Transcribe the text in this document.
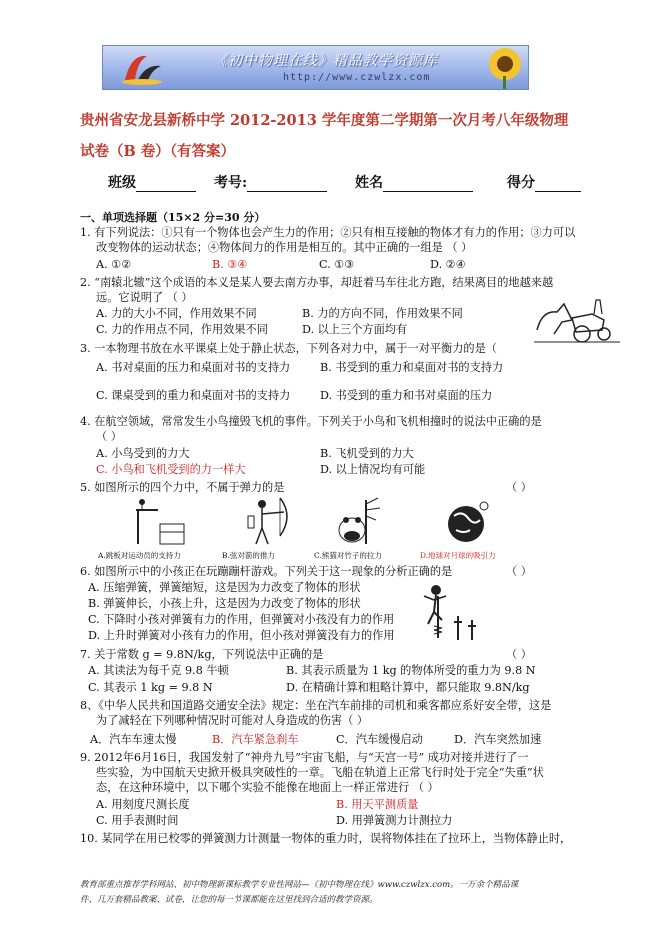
《初中物理在线》精品教学资源库
http://www.czwlzx.com
贵州省安龙县新桥中学 2012-2013 学年度第二学期第一次月考八年级物理
试卷（B 卷）（有答案）
班级	考号:	姓名	得分
一、单项选择题（15×2 分=30 分）
1. 有下列说法：①只有一个物体也会产生力的作用；②只有相互接触的物体才有力的作用；③力可以
改变物体的运动状态；④物体间力的作用是相互的。其中正确的一组是 （ ）
A. ①②	B. ③④	C. ①③	D. ②④
2. “南辕北辙”这个成语的本义是某人要去南方办事，却赶着马车往北方跑，结果离目的地越来越
远。它说明了 （ ）
A. 力的大小不同，作用效果不同	B. 力的方向不同，作用效果不同
C. 力的作用点不同，作用效果不同	D. 以上三个方面均有
3. 一本物理书放在水平课桌上处于静止状态，下列各对力中，属于一对平衡力的是（
A. 书对桌面的压力和桌面对书的支持力	B. 书受到的重力和桌面对书的支持力
C. 课桌受到的重力和桌面对书的支持力	D. 书受到的重力和书对桌面的压力
4. 在航空领域，常常发生小鸟撞毁飞机的事件。下列关于小鸟和飞机相撞时的说法中正确的是
（ ）
A. 小鸟受到的力大	B. 飞机受到的力大
C. 小鸟和飞机受到的力一样大	D. 以上情况均有可能
5. 如图所示的四个力中，不属于弹力的是	（ ）
A.跳板对运动员的支持力	B.弦对箭的推力	C.熊猫对竹子的拉力	D.地球对月球的吸引力
6. 如图所示中的小孩正在玩蹦蹦杆游戏。下列关于这一现象的分析正确的是	（ ）
A. 压缩弹簧，弹簧缩短，这是因为力改变了物体的形状
B. 弹簧伸长，小孩上升，这是因为力改变了物体的形状
C. 下降时小孩对弹簧有力的作用，但弹簧对小孩没有力的作用
D. 上升时弹簧对小孩有力的作用，但小孩对弹簧没有力的作用
7. 关于常数 g = 9.8N/kg，下列说法中正确的是	（ ）
A. 其读法为每千克 9.8 牛顿	B. 其表示质量为 1 kg 的物体所受的重力为 9.8 N
C. 其表示 1 kg = 9.8 N	D. 在精确计算和粗略计算中，都只能取 9.8N/kg
8、《中华人民共和国道路交通安全法》规定：坐在汽车前排的司机和乘客都应系好安全带，这是
为了减轻在下列哪种情况时可能对人身造成的伤害（ ）
A．汽车车速太慢	B．汽车紧急刹车	C．汽车缓慢启动	D．汽车突然加速
9. 2012年6月16日，我国发射了“神舟九号”宇宙飞船，与“天宫一号” 成功对接并进行了一
些实验，为中国航天史掀开极具突破性的一章。飞船在轨道上正常飞行时处于完全“失重”状
态，在这种环境中，以下哪个实验不能像在地面上一样正常进行 （ ）
A. 用刻度尺测长度	B. 用天平测质量
C. 用手表测时间	D. 用弹簧测力计测拉力
10. 某同学在用已校零的弹簧测力计测量一物体的重力时，误将物体挂在了拉环上，当物体静止时，
教育部重点推荐学科网站、初中物理新课标教学专业性网站—《初中物理在线》www.czwlzx.com。一万余个精品课
件、几万套精品教案、试卷，让您的每一节课都能在这里找到合适的教学资源。
